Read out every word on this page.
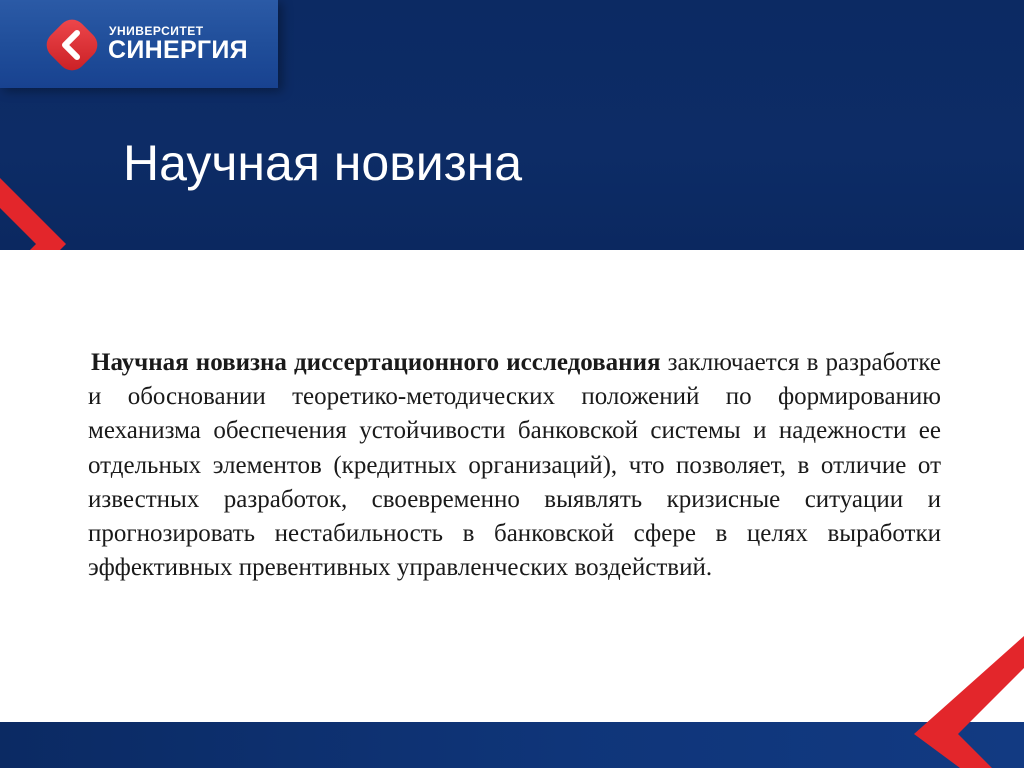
УНИВЕРСИТЕТ
СИНЕРГИЯ
Научная новизна
Научная новизна диссертационного исследования заключается в разработке и обосновании теоретико-методических положений по формированию механизма обеспечения устойчивости банковской системы и надежности ее отдельных элементов (кредитных организаций), что позволяет, в отличие от известных разработок, своевременно выявлять кризисные ситуации и прогнозировать нестабильность в банковской сфере в целях выработки эффективных превентивных управленческих воздействий.
